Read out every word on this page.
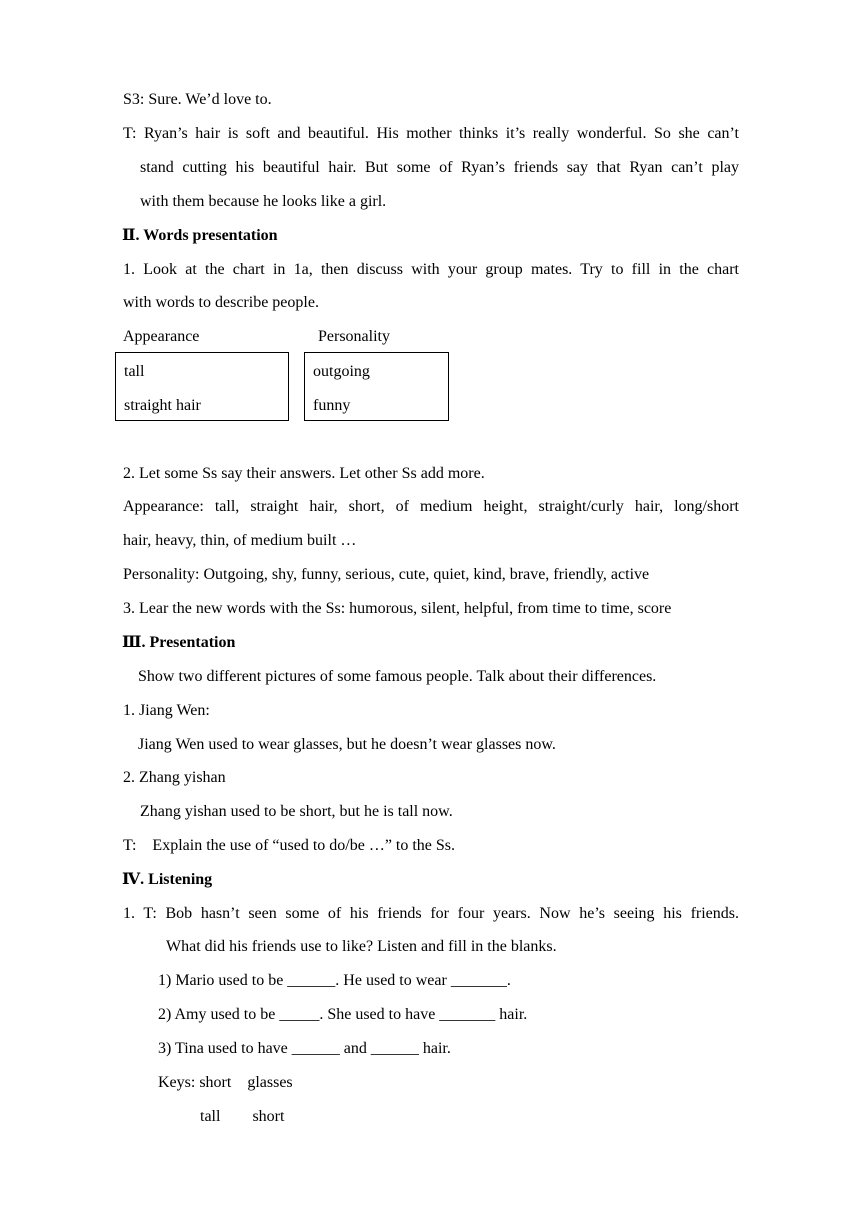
S3: Sure. We’d love to.
T: Ryan’s hair is soft and beautiful. His mother thinks it’s really wonderful. So she can’t
stand cutting his beautiful hair. But some of Ryan’s friends say that Ryan can’t play
with them because he looks like a girl.
Ⅱ. Words presentation
1. Look at the chart in 1a, then discuss with your group mates. Try to fill in the chart
with words to describe people.
Appearance	Personality
tall
straight hair
outgoing
funny
2. Let some Ss say their answers. Let other Ss add more.
Appearance: tall, straight hair, short, of medium height, straight/curly hair, long/short
hair, heavy, thin, of medium built …
Personality: Outgoing, shy, funny, serious, cute, quiet, kind, brave, friendly, active
3. Lear the new words with the Ss: humorous, silent, helpful, from time to time, score
Ⅲ. Presentation
Show two different pictures of some famous people. Talk about their differences.
1. Jiang Wen:
Jiang Wen used to wear glasses, but he doesn’t wear glasses now.
2. Zhang yishan
Zhang yishan used to be short, but he is tall now.
T:    Explain the use of “used to do/be …” to the Ss.
Ⅳ. Listening
1. T: Bob hasn’t seen some of his friends for four years. Now he’s seeing his friends.
What did his friends use to like? Listen and fill in the blanks.
1) Mario used to be ______. He used to wear _______.
2) Amy used to be _____. She used to have _______ hair.
3) Tina used to have ______ and ______ hair.
Keys: short    glasses
tall        short
